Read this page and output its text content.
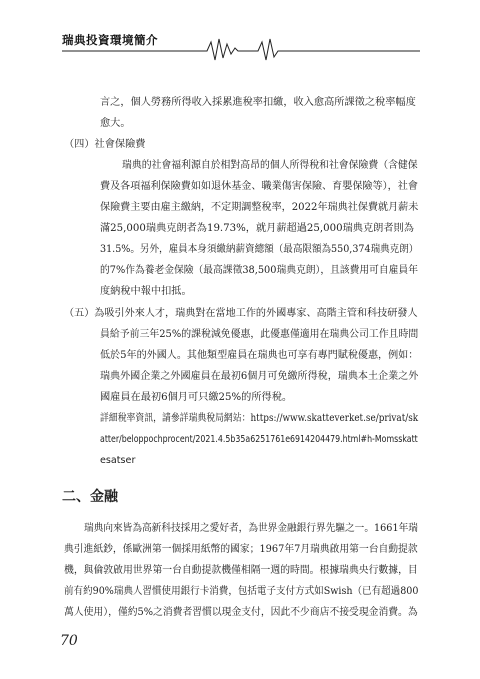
瑞典投資環境簡介
言之，個人勞務所得收入採累進稅率扣繳，收入愈高所課徵之稅率幅度
愈大。
（四）社會保險費
瑞典的社會福利源自於相對高昂的個人所得稅和社會保險費（含健保
費及各項福利保險費如如退休基金、職業傷害保險、育嬰保險等），社會
保險費主要由雇主繳納，不定期調整稅率，2022年瑞典社保費就月薪未
滿25,000瑞典克朗者為19.73%，就月薪超過25,000瑞典克朗者則為
31.5%。另外，雇員本身須繳納薪資總額（最高限額為550,374瑞典克朗）
的7%作為養老金保險（最高課徵38,500瑞典克朗），且該費用可自雇員年
度納稅中報中扣抵。
（五）為吸引外來人才，瑞典對在當地工作的外國專家、高階主管和科技研發人
員給予前三年25%的課稅減免優惠，此優惠僅適用在瑞典公司工作且時間
低於5年的外國人。其他類型雇員在瑞典也可享有專門賦稅優惠，例如：
瑞典外國企業之外國雇員在最初6個月可免繳所得稅，瑞典本土企業之外
國雇員在最初6個月可只繳25%的所得稅。
詳細稅率資訊，請參詳瑞典稅局網站：https://www.skatteverket.se/privat/sk
atter/beloppochprocent/2021.4.5b35a6251761e6914204479.html#h-Momsskatt
esatser
二、金融
瑞典向來皆為高新科技採用之愛好者，為世界金融銀行界先驅之一。1661年瑞
典引進紙鈔，係歐洲第一個採用紙幣的國家；1967年7月瑞典啟用第一台自動提款
機，與倫敦啟用世界第一台自動提款機僅相隔一週的時間。根據瑞典央行數據，目
前有約90%瑞典人習慣使用銀行卡消費，包括電子支付方式如Swish（已有超過800
萬人使用），僅約5%之消費者習慣以現金支付，因此不少商店不接受現金消費。為
70
